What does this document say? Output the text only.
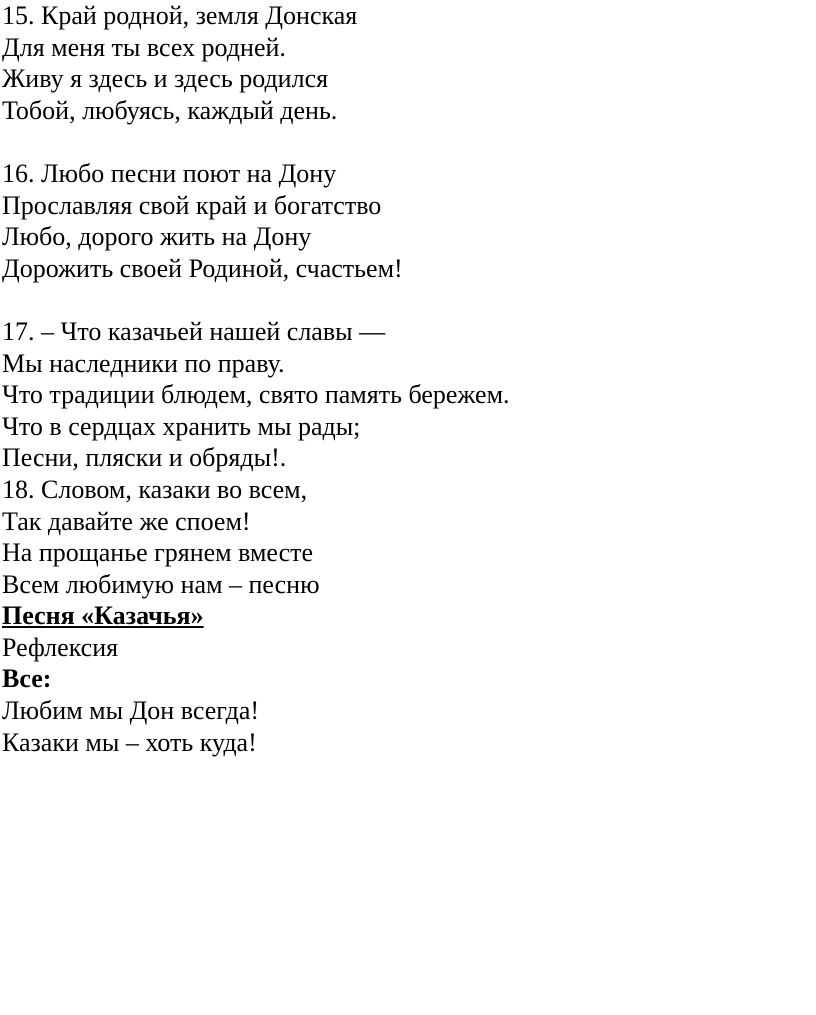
15. Край родной, земля Донская
Для меня ты всех родней.
Живу я здесь и здесь родился
Тобой, любуясь, каждый день.
16. Любо песни поют на Дону
Прославляя свой край и богатство
Любо, дорого жить на Дону
Дорожить своей Родиной, счастьем!
17. – Что казачьей нашей славы —
Мы наследники по праву.
Что традиции блюдем, свято память бережем.
Что в сердцах хранить мы рады;
Песни, пляски и обряды!.
18. Словом, казаки во всем,
Так давайте же споем!
На прощанье грянем вместе
Всем любимую нам – песню
Песня «Казачья»
Рефлексия
Все:
Любим мы Дон всегда!
Казаки мы – хоть куда!
